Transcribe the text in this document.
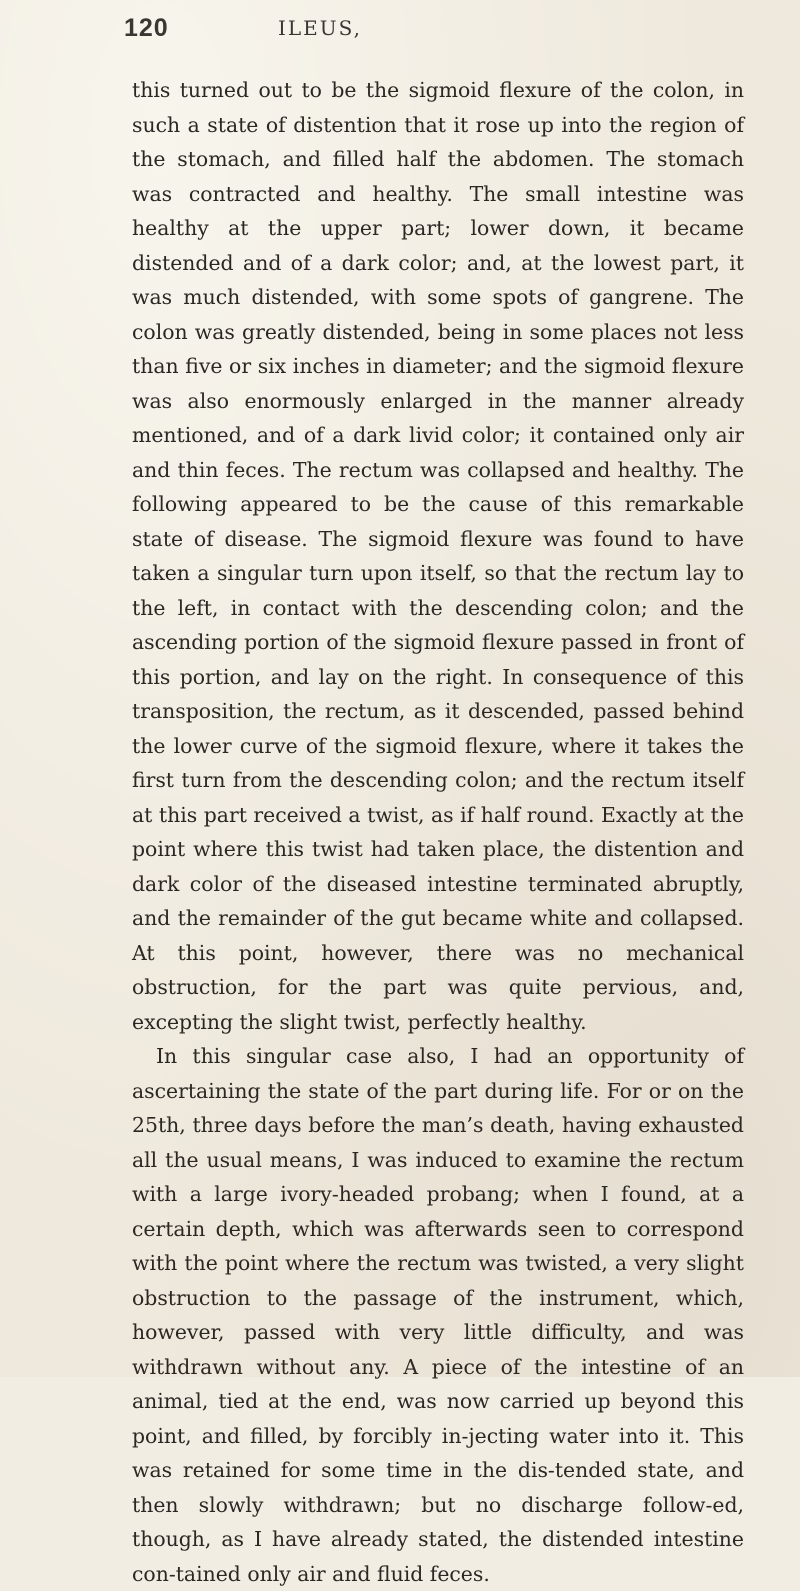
120	ILEUS,

this turned out to be the sigmoid flexure of the colon, in such a state of distention that it rose up into the region of the stomach, and filled half the abdomen. The stomach was contracted and healthy. The small intestine was healthy at the upper part; lower down, it became distended and of a dark color; and, at the lowest part, it was much distended, with some spots of gangrene. The colon was greatly distended, being in some places not less than five or six inches in diameter; and the sigmoid flexure was also enormously enlarged in the manner already mentioned, and of a dark livid color; it contained only air and thin feces. The rectum was collapsed and healthy. The following appeared to be the cause of this remarkable state of disease. The sigmoid flexure was found to have taken a singular turn upon itself, so that the rectum lay to the left, in contact with the descending colon; and the ascending portion of the sigmoid flexure passed in front of this portion, and lay on the right. In consequence of this transposition, the rectum, as it descended, passed behind the lower curve of the sigmoid flexure, where it takes the first turn from the descending colon; and the rectum itself at this part received a twist, as if half round. Exactly at the point where this twist had taken place, the distention and dark color of the diseased intestine terminated abruptly, and the remainder of the gut became white and collapsed. At this point, however, there was no mechanical obstruction, for the part was quite pervious, and, excepting the slight twist, perfectly healthy.

In this singular case also, I had an opportunity of ascertaining the state of the part during life. For or on the 25th, three days before the man’s death, having exhausted all the usual means, I was induced to examine the rectum with a large ivory-headed probang; when I found, at a certain depth, which was afterwards seen to correspond with the point where the rectum was twisted, a very slight obstruction to the passage of the instrument, which, however, passed with very little difficulty, and was withdrawn without any. A piece of the intestine of an animal, tied at the end, was now carried up beyond this point, and filled, by forcibly in-jecting water into it. This was retained for some time in the dis-tended state, and then slowly withdrawn; but no discharge follow-ed, though, as I have already stated, the distended intestine con-tained only air and fluid feces.
